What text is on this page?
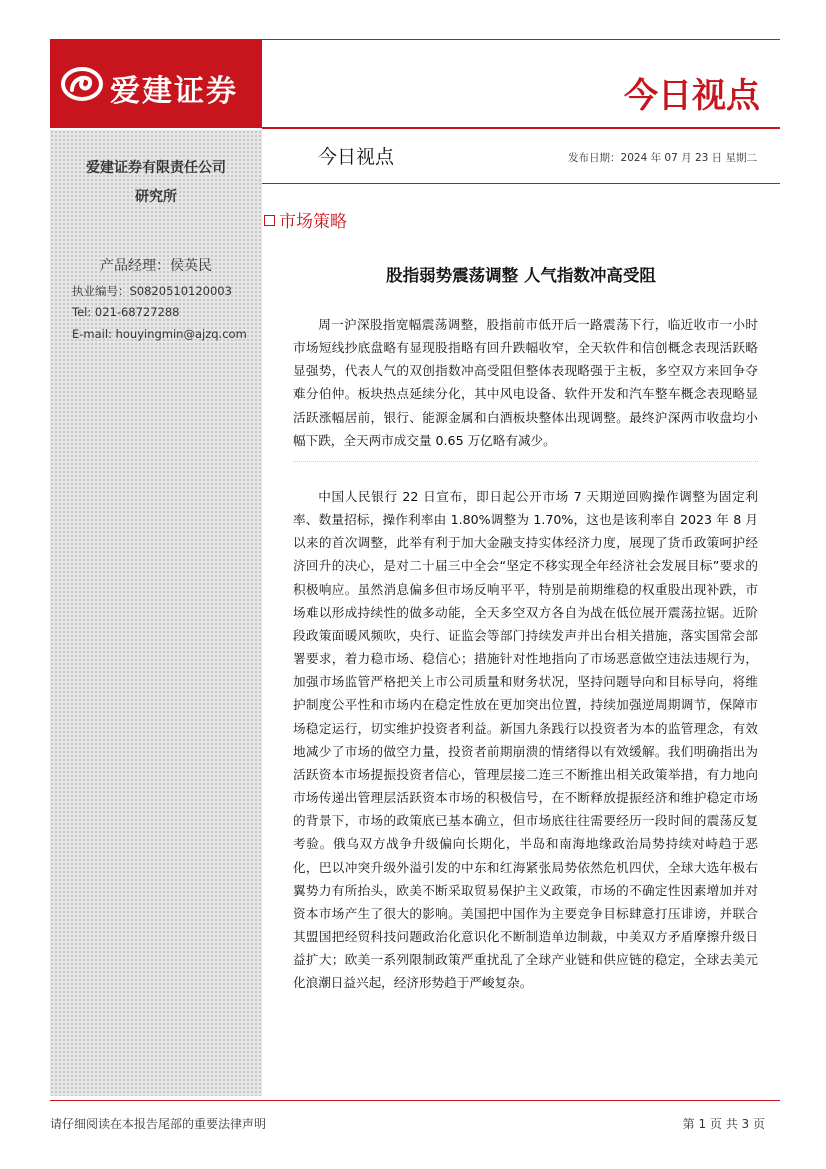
爱建证券	今日视点
爱建证券有限责任公司
研究所
产品经理：侯英民
执业编号：S0820510120003
Tel: 021-68727288
E-mail: houyingmin@ajzq.com
今日视点	发布日期：2024 年 07 月 23 日 星期二
市场策略
股指弱势震荡调整 人气指数冲高受阻

周一沪深股指宽幅震荡调整，股指前市低开后一路震荡下行，临近收市一小时市场短线抄底盘略有显现股指略有回升跌幅收窄，全天软件和信创概念表现活跃略显强势，代表人气的双创指数冲高受阻但整体表现略强于主板，多空双方来回争夺难分伯仲。板块热点延续分化，其中风电设备、软件开发和汽车整车概念表现略显活跃涨幅居前，银行、能源金属和白酒板块整体出现调整。最终沪深两市收盘均小幅下跌，全天两市成交量 0.65 万亿略有减少。

中国人民银行 22 日宣布，即日起公开市场 7 天期逆回购操作调整为固定利率、数量招标，操作利率由 1.80%调整为 1.70%，这也是该利率自 2023 年 8 月以来的首次调整，此举有利于加大金融支持实体经济力度，展现了货币政策呵护经济回升的决心，是对二十届三中全会“坚定不移实现全年经济社会发展目标”要求的积极响应。虽然消息偏多但市场反响平平，特别是前期维稳的权重股出现补跌，市场难以形成持续性的做多动能，全天多空双方各自为战在低位展开震荡拉锯。近阶段政策面暖风频吹，央行、证监会等部门持续发声并出台相关措施，落实国常会部署要求，着力稳市场、稳信心；措施针对性地指向了市场恶意做空违法违规行为，加强市场监管严格把关上市公司质量和财务状况，坚持问题导向和目标导向，将维护制度公平性和市场内在稳定性放在更加突出位置，持续加强逆周期调节，保障市场稳定运行，切实维护投资者利益。新国九条践行以投资者为本的监管理念，有效地减少了市场的做空力量，投资者前期崩溃的情绪得以有效缓解。我们明确指出为活跃资本市场提振投资者信心，管理层接二连三不断推出相关政策举措，有力地向市场传递出管理层活跃资本市场的积极信号，在不断释放提振经济和维护稳定市场的背景下，市场的政策底已基本确立，但市场底往往需要经历一段时间的震荡反复考验。俄乌双方战争升级偏向长期化，半岛和南海地缘政治局势持续对峙趋于恶化，巴以冲突升级外溢引发的中东和红海紧张局势依然危机四伏，全球大选年极右翼势力有所抬头，欧美不断采取贸易保护主义政策，市场的不确定性因素增加并对资本市场产生了很大的影响。美国把中国作为主要竞争目标肆意打压诽谤，并联合其盟国把经贸科技问题政治化意识化不断制造单边制裁，中美双方矛盾摩擦升级日益扩大；欧美一系列限制政策严重扰乱了全球产业链和供应链的稳定，全球去美元化浪潮日益兴起，经济形势趋于严峻复杂。

请仔细阅读在本报告尾部的重要法律声明	第 1 页 共 3 页
